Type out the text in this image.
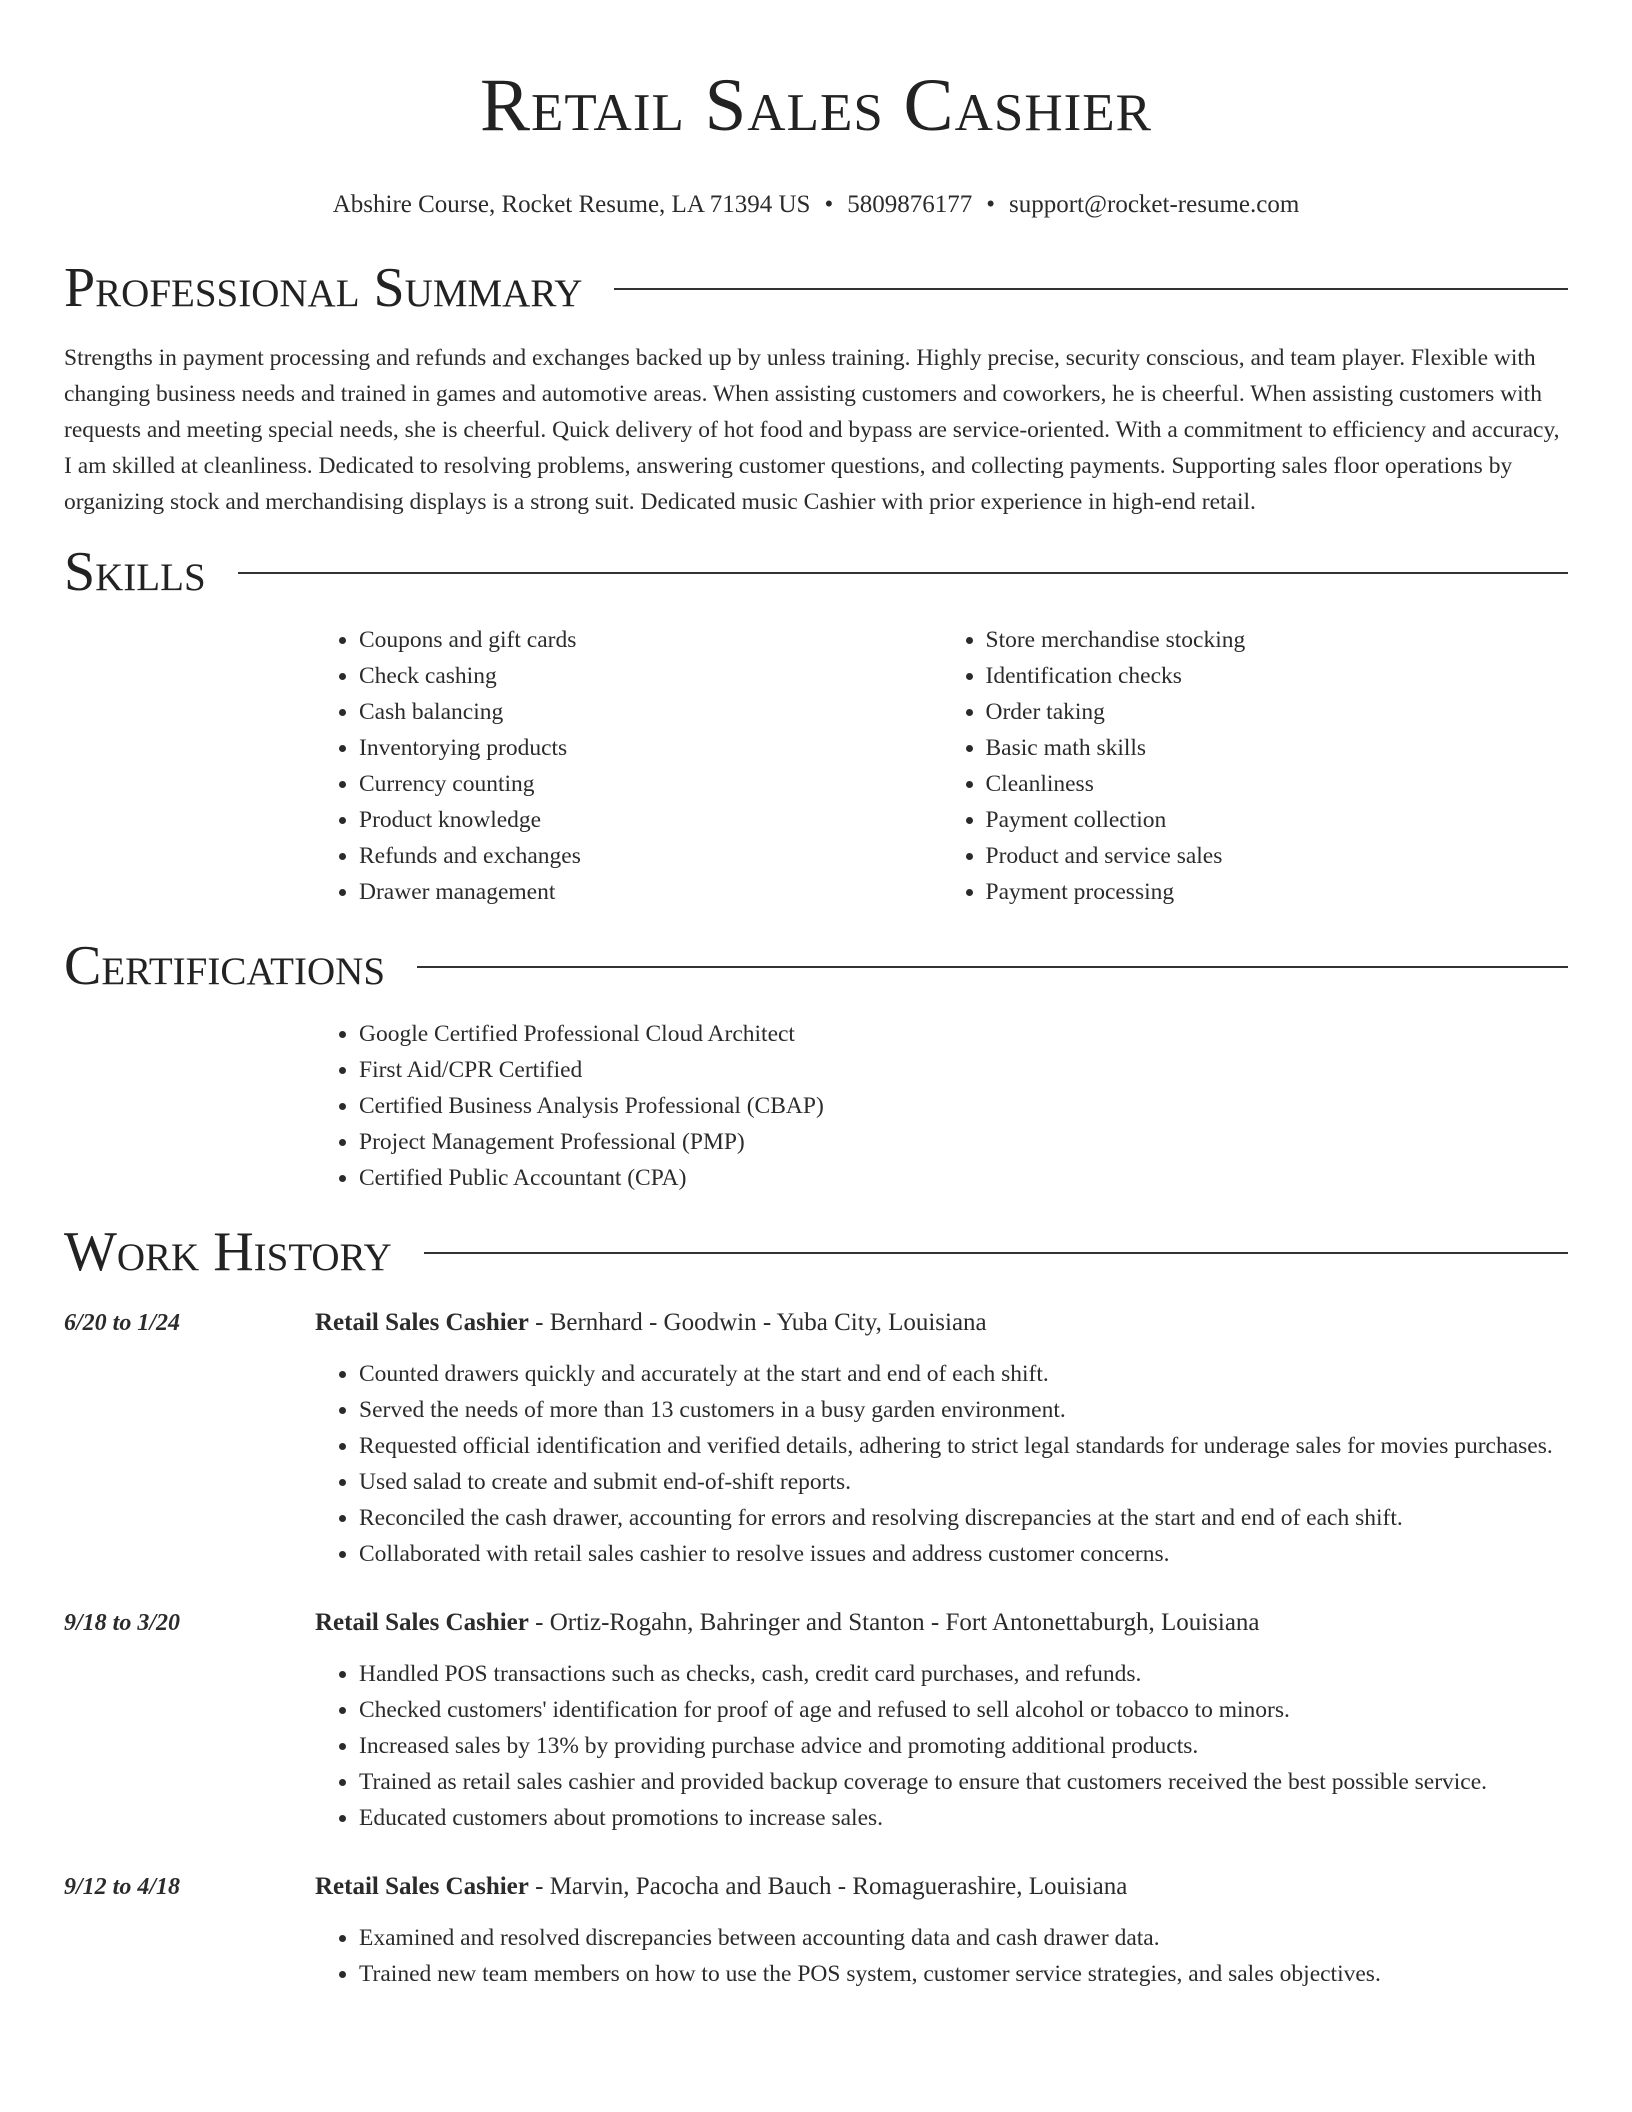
Retail Sales Cashier
Abshire Course, Rocket Resume, LA 71394 US • 5809876177 • support@rocket-resume.com
Professional Summary

Strengths in payment processing and refunds and exchanges backed up by unless training. Highly precise, security conscious, and team player. Flexible with changing business needs and trained in games and automotive areas. When assisting customers and coworkers, he is cheerful. When assisting customers with requests and meeting special needs, she is cheerful. Quick delivery of hot food and bypass are service-oriented. With a commitment to efficiency and accuracy, I am skilled at cleanliness. Dedicated to resolving problems, answering customer questions, and collecting payments. Supporting sales floor operations by organizing stock and merchandising displays is a strong suit. Dedicated music Cashier with prior experience in high-end retail.

Skills
• Coupons and gift cards
• Check cashing
• Cash balancing
• Inventorying products
• Currency counting
• Product knowledge
• Refunds and exchanges
• Drawer management
• Store merchandise stocking
• Identification checks
• Order taking
• Basic math skills
• Cleanliness
• Payment collection
• Product and service sales
• Payment processing
Certifications
• Google Certified Professional Cloud Architect
• First Aid/CPR Certified
• Certified Business Analysis Professional (CBAP)
• Project Management Professional (PMP)
• Certified Public Accountant (CPA)
Work History
6/20 to 1/24	Retail Sales Cashier - Bernhard - Goodwin - Yuba City, Louisiana
• Counted drawers quickly and accurately at the start and end of each shift.
• Served the needs of more than 13 customers in a busy garden environment.
• Requested official identification and verified details, adhering to strict legal standards for underage sales for movies purchases.
• Used salad to create and submit end-of-shift reports.
• Reconciled the cash drawer, accounting for errors and resolving discrepancies at the start and end of each shift.
• Collaborated with retail sales cashier to resolve issues and address customer concerns.
9/18 to 3/20	Retail Sales Cashier - Ortiz-Rogahn, Bahringer and Stanton - Fort Antonettaburgh, Louisiana
• Handled POS transactions such as checks, cash, credit card purchases, and refunds.
• Checked customers' identification for proof of age and refused to sell alcohol or tobacco to minors.
• Increased sales by 13% by providing purchase advice and promoting additional products.
• Trained as retail sales cashier and provided backup coverage to ensure that customers received the best possible service.
• Educated customers about promotions to increase sales.
9/12 to 4/18	Retail Sales Cashier - Marvin, Pacocha and Bauch - Romaguerashire, Louisiana
• Examined and resolved discrepancies between accounting data and cash drawer data.
• Trained new team members on how to use the POS system, customer service strategies, and sales objectives.
